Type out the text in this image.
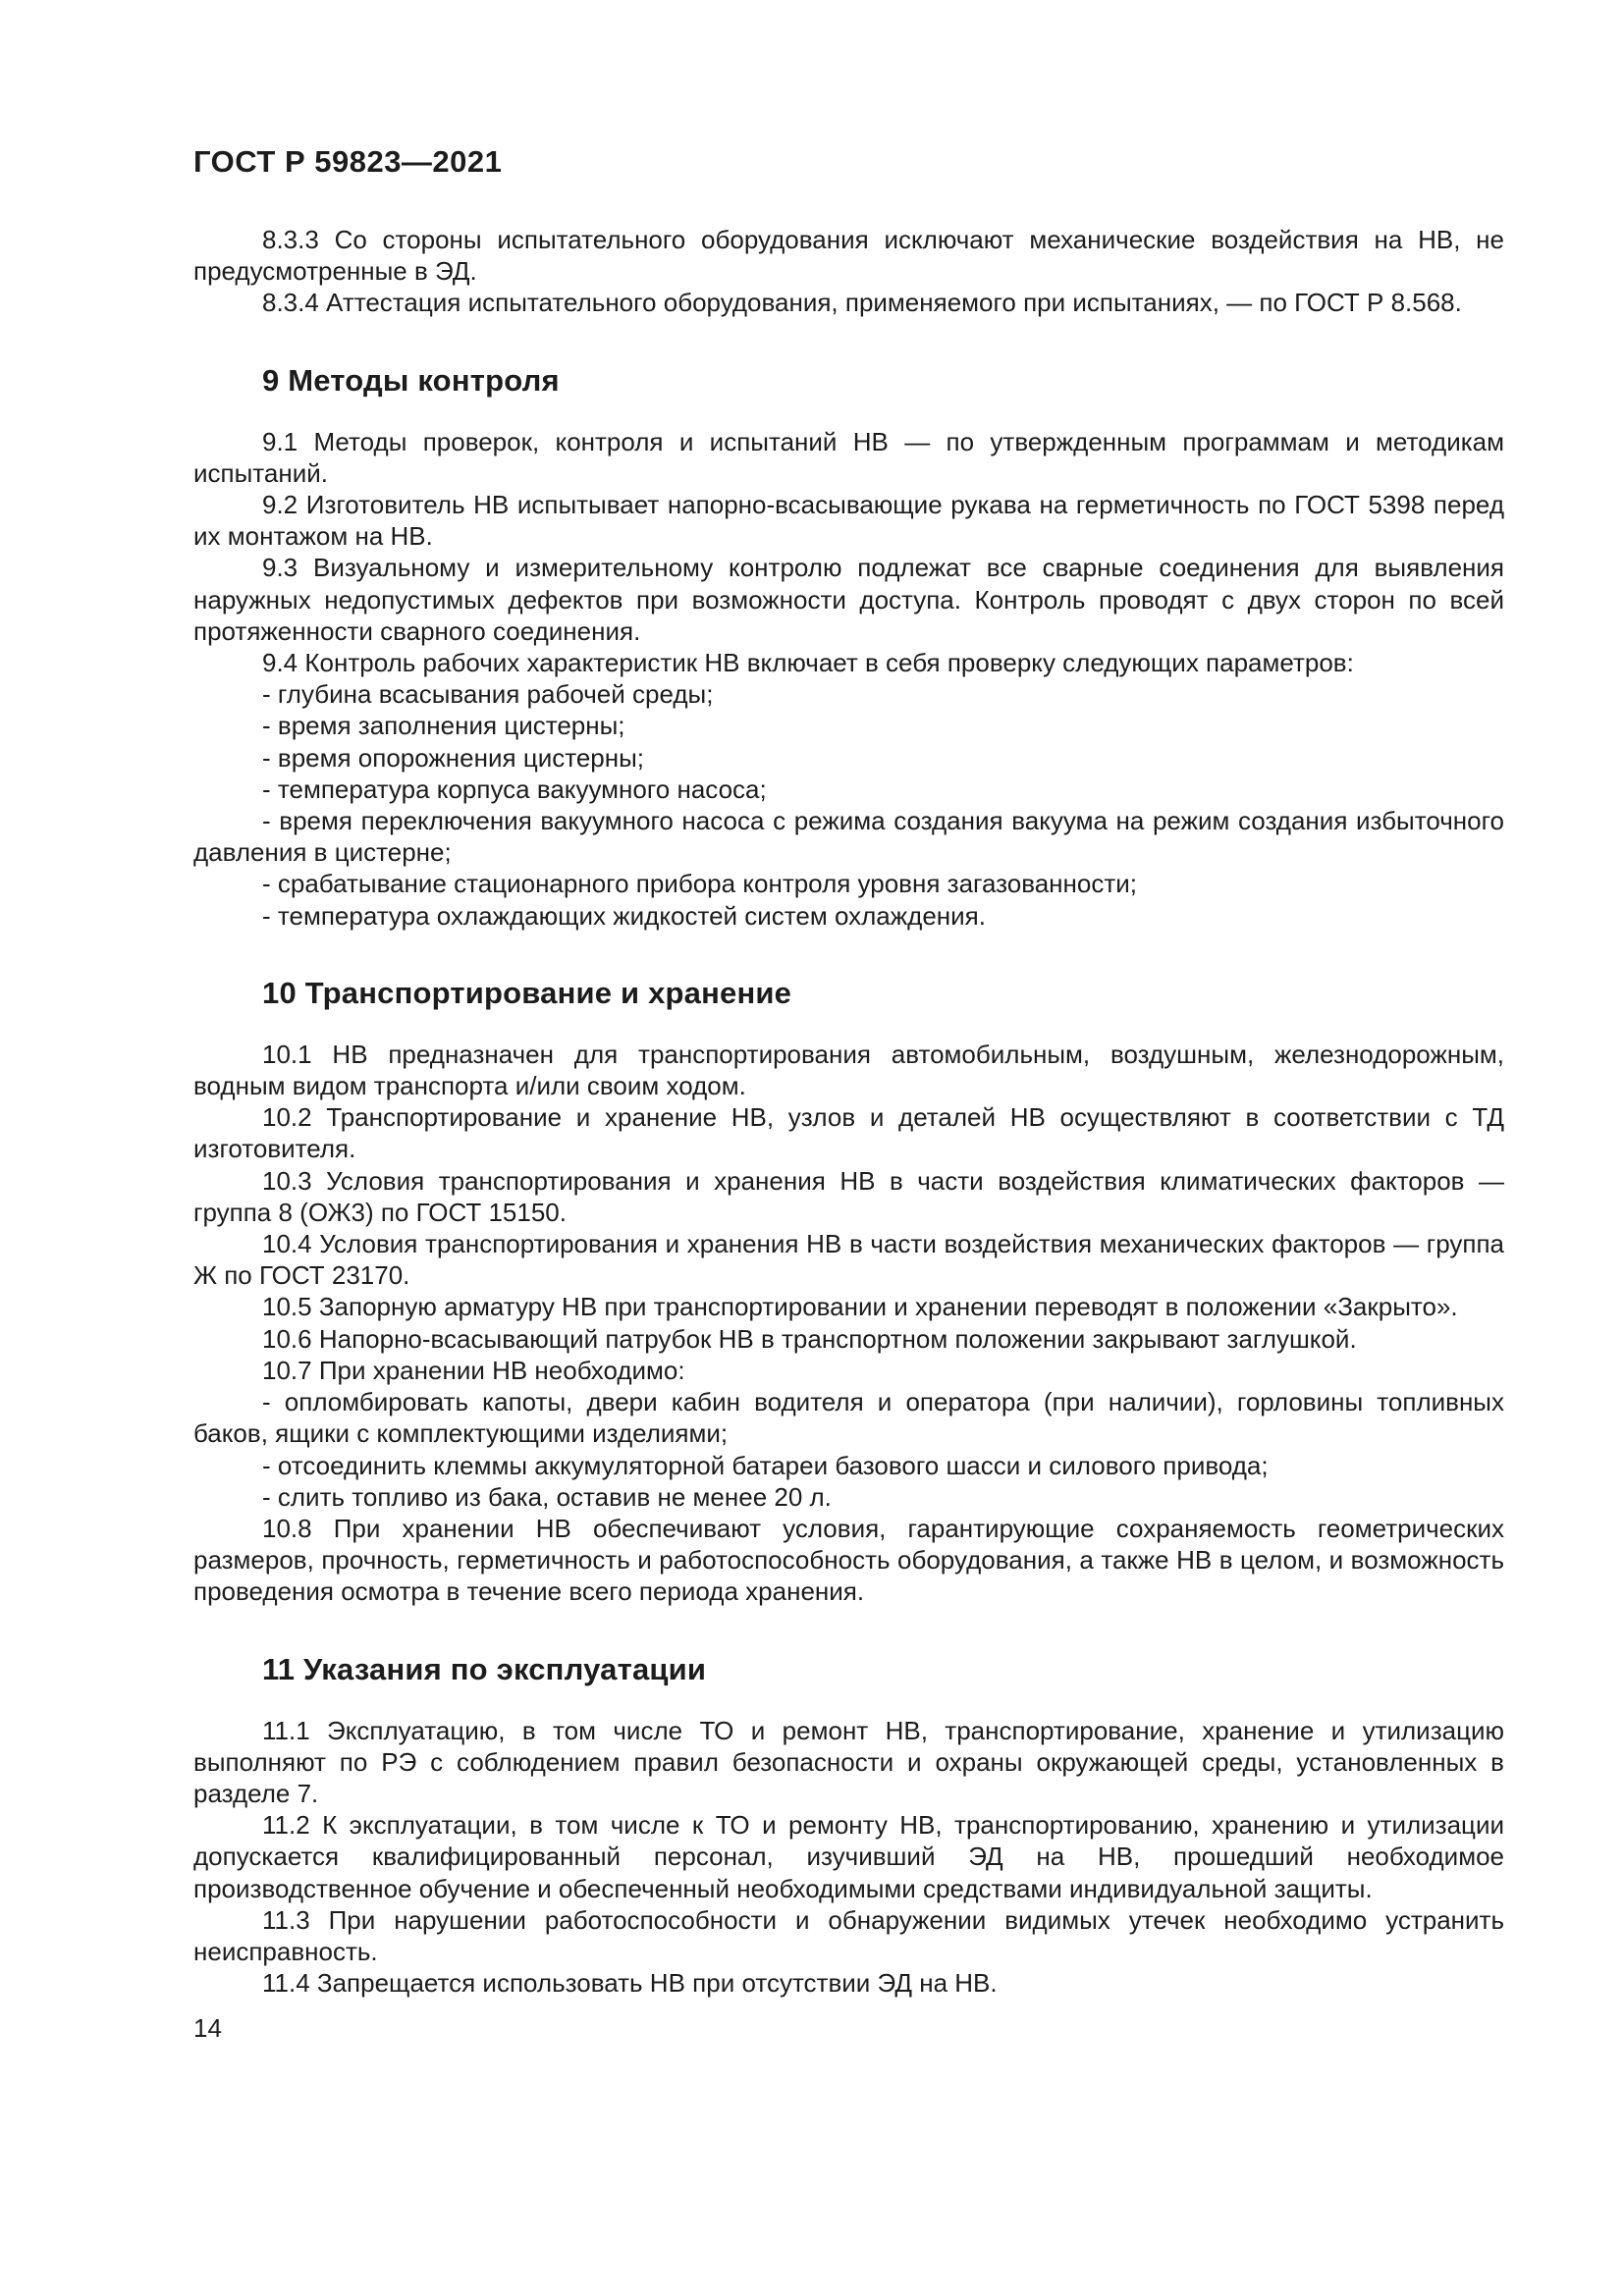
ГОСТ Р 59823—2021

8.3.3 Со стороны испытательного оборудования исключают механические воздействия на НВ, не предусмотренные в ЭД.

8.3.4 Аттестация испытательного оборудования, применяемого при испытаниях, — по ГОСТ Р 8.568.

9 Методы контроля

9.1 Методы проверок, контроля и испытаний НВ — по утвержденным программам и методикам испытаний.

9.2 Изготовитель НВ испытывает напорно-всасывающие рукава на герметичность по ГОСТ 5398 перед их монтажом на НВ.

9.3 Визуальному и измерительному контролю подлежат все сварные соединения для выявления наружных недопустимых дефектов при возможности доступа. Контроль проводят с двух сторон по всей протяженности сварного соединения.

9.4 Контроль рабочих характеристик НВ включает в себя проверку следующих параметров:

- глубина всасывания рабочей среды;

- время заполнения цистерны;

- время опорожнения цистерны;

- температура корпуса вакуумного насоса;

- время переключения вакуумного насоса с режима создания вакуума на режим создания избыточного давления в цистерне;

- срабатывание стационарного прибора контроля уровня загазованности;

- температура охлаждающих жидкостей систем охлаждения.

10 Транспортирование и хранение

10.1 НВ предназначен для транспортирования автомобильным, воздушным, железнодорожным, водным видом транспорта и/или своим ходом.

10.2 Транспортирование и хранение НВ, узлов и деталей НВ осуществляют в соответствии с ТД изготовителя.

10.3 Условия транспортирования и хранения НВ в части воздействия климатических факторов — группа 8 (ОЖ3) по ГОСТ 15150.

10.4 Условия транспортирования и хранения НВ в части воздействия механических факторов — группа Ж по ГОСТ 23170.

10.5 Запорную арматуру НВ при транспортировании и хранении переводят в положении «Закрыто».

10.6 Напорно-всасывающий патрубок НВ в транспортном положении закрывают заглушкой.

10.7 При хранении НВ необходимо:

- опломбировать капоты, двери кабин водителя и оператора (при наличии), горловины топливных баков, ящики с комплектующими изделиями;

- отсоединить клеммы аккумуляторной батареи базового шасси и силового привода;

- слить топливо из бака, оставив не менее 20 л.

10.8 При хранении НВ обеспечивают условия, гарантирующие сохраняемость геометрических размеров, прочность, герметичность и работоспособность оборудования, а также НВ в целом, и возможность проведения осмотра в течение всего периода хранения.

11 Указания по эксплуатации

11.1 Эксплуатацию, в том числе ТО и ремонт НВ, транспортирование, хранение и утилизацию выполняют по РЭ с соблюдением правил безопасности и охраны окружающей среды, установленных в разделе 7.

11.2 К эксплуатации, в том числе к ТО и ремонту НВ, транспортированию, хранению и утилизации допускается квалифицированный персонал, изучивший ЭД на НВ, прошедший необходимое производственное обучение и обеспеченный необходимыми средствами индивидуальной защиты.

11.3 При нарушении работоспособности и обнаружении видимых утечек необходимо устранить неисправность.

11.4 Запрещается использовать НВ при отсутствии ЭД на НВ.

14
